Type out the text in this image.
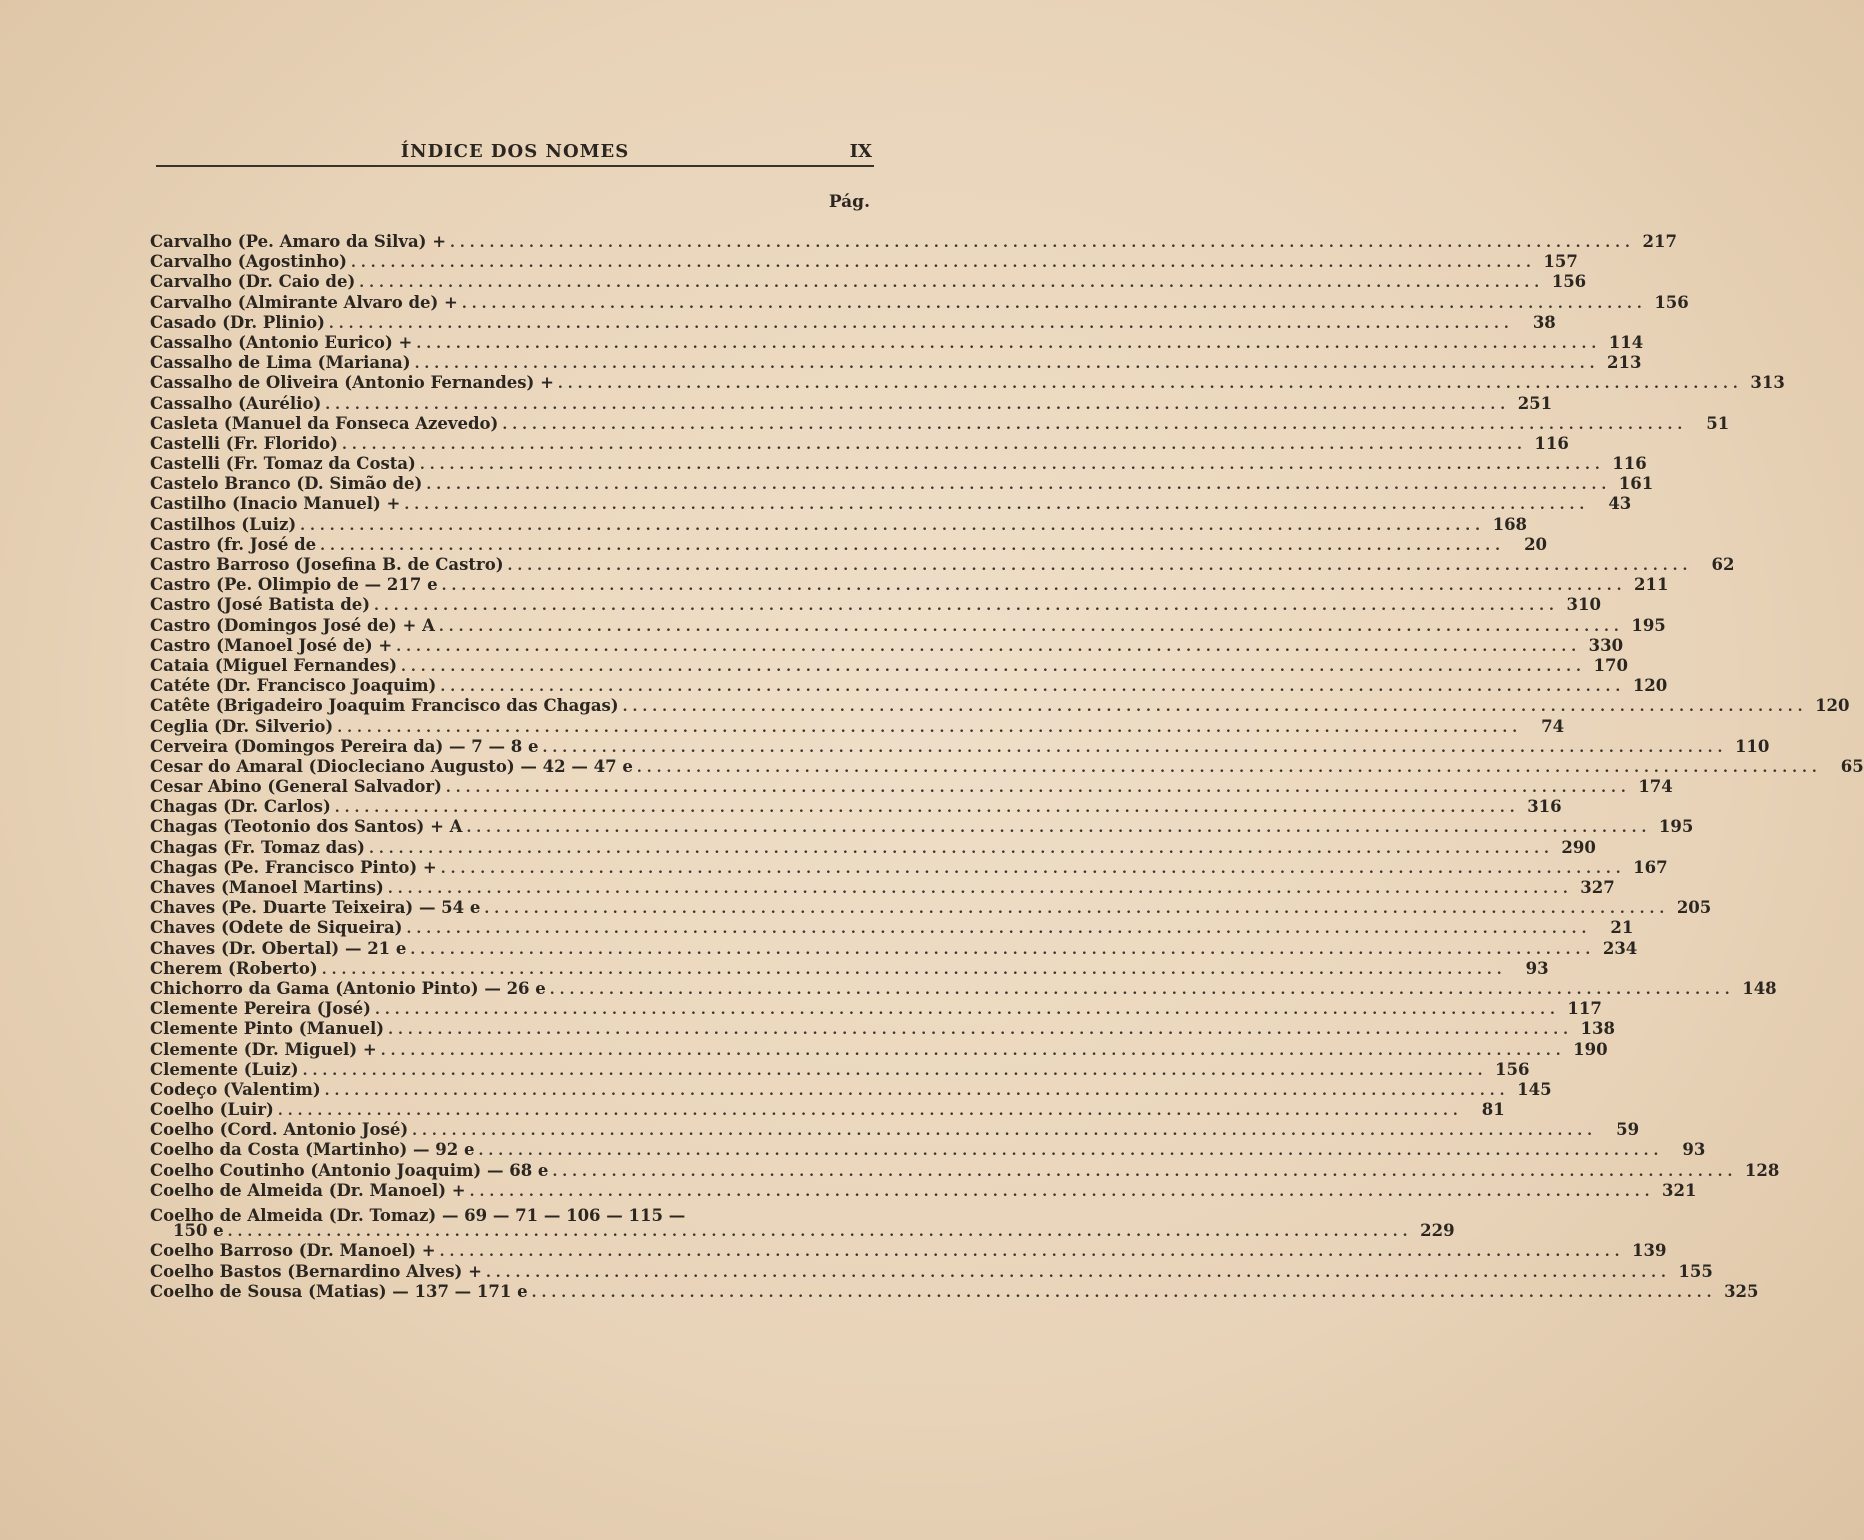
ÍNDICE DOS NOMES	IX
Pág.
Carvalho (Pe. Amaro da Silva) + ........................................................................................................................ 217
Carvalho (Agostinho) ........................................................................................................................ 157
Carvalho (Dr. Caio de) ........................................................................................................................ 156
Carvalho (Almirante Alvaro de) + ........................................................................................................................ 156
Casado (Dr. Plinio) ........................................................................................................................	38
Cassalho (Antonio Eurico) + ........................................................................................................................ 114
Cassalho de Lima (Mariana) ........................................................................................................................ 213
Cassalho de Oliveira (Antonio Fernandes) + ........................................................................................................................ 313
Cassalho (Aurélio) ........................................................................................................................ 251
Casleta (Manuel da Fonseca Azevedo) ........................................................................................................................	51
Castelli (Fr. Florido) ........................................................................................................................ 116
Castelli (Fr. Tomaz da Costa) ........................................................................................................................ 116
Castelo Branco (D. Simão de) ........................................................................................................................ 161
Castilho (Inacio Manuel) + ........................................................................................................................	43
Castilhos (Luiz) ........................................................................................................................ 168
Castro (fr. José de ........................................................................................................................	20
Castro Barroso (Josefina B. de Castro) ........................................................................................................................	62
Castro (Pe. Olimpio de — 217 e ........................................................................................................................ 211
Castro (José Batista de) ........................................................................................................................ 310
Castro (Domingos José de) + A ........................................................................................................................ 195
Castro (Manoel José de) + ........................................................................................................................ 330
Cataia (Miguel Fernandes) ........................................................................................................................ 170
Catéte (Dr. Francisco Joaquim) ........................................................................................................................ 120
Catête (Brigadeiro Joaquim Francisco das Chagas) ........................................................................................................................ 120
Ceglia (Dr. Silverio) ........................................................................................................................	74
Cerveira (Domingos Pereira da) — 7 — 8 e ........................................................................................................................ 110
Cesar do Amaral (Diocleciano Augusto) — 42 — 47 e ........................................................................................................................	65
Cesar Abino (General Salvador) ........................................................................................................................ 174
Chagas (Dr. Carlos) ........................................................................................................................ 316
Chagas (Teotonio dos Santos) + A ........................................................................................................................ 195
Chagas (Fr. Tomaz das) ........................................................................................................................ 290
Chagas (Pe. Francisco Pinto) + ........................................................................................................................ 167
Chaves (Manoel Martins) ........................................................................................................................ 327
Chaves (Pe. Duarte Teixeira) — 54 e ........................................................................................................................ 205
Chaves (Odete de Siqueira) ........................................................................................................................	21
Chaves (Dr. Obertal) — 21 e ........................................................................................................................ 234
Cherem (Roberto) ........................................................................................................................	93
Chichorro da Gama (Antonio Pinto) — 26 e ........................................................................................................................ 148
Clemente Pereira (José) ........................................................................................................................ 117
Clemente Pinto (Manuel) ........................................................................................................................ 138
Clemente (Dr. Miguel) + ........................................................................................................................ 190
Clemente (Luiz) ........................................................................................................................ 156
Codeço (Valentim) ........................................................................................................................ 145
Coelho (Luir) ........................................................................................................................	81
Coelho (Cord. Antonio José) ........................................................................................................................	59
Coelho da Costa (Martinho) — 92 e ........................................................................................................................	93
Coelho Coutinho (Antonio Joaquim) — 68 e ........................................................................................................................ 128
Coelho de Almeida (Dr. Manoel) + ........................................................................................................................ 321
Coelho de Almeida (Dr. Tomaz) — 69 — 71 — 106 — 115 —
150 e ........................................................................................................................ 229
Coelho Barroso (Dr. Manoel) + ........................................................................................................................ 139
Coelho Bastos (Bernardino Alves) + ........................................................................................................................ 155
Coelho de Sousa (Matias) — 137 — 171 e ........................................................................................................................ 325
